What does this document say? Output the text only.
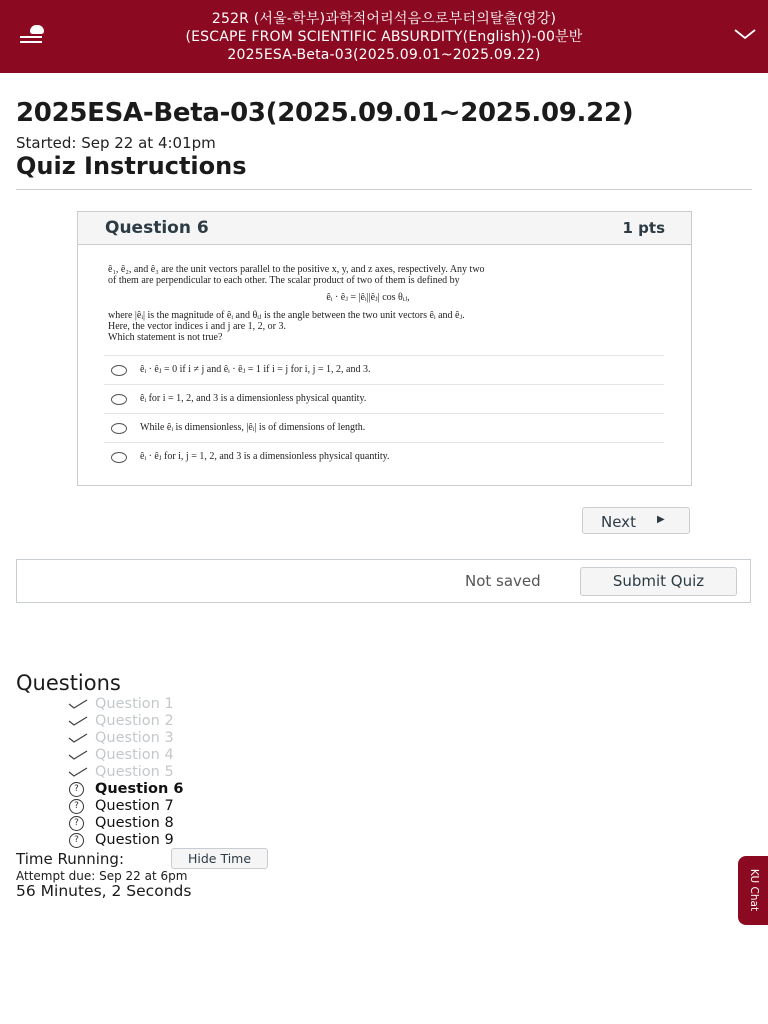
252R (서울-학부)과학적어리석음으로부터의탈출(영강)
(ESCAPE FROM SCIENTIFIC ABSURDITY(English))-00분반
2025ESA-Beta-03(2025.09.01~2025.09.22)
2025ESA-Beta-03(2025.09.01~2025.09.22)
Started: Sep 22 at 4:01pm
Quiz Instructions
Question 6	1 pts

ê₁, ê₂, and ê₃ are the unit vectors parallel to the positive x, y, and z axes, respectively. Any two

of them are perpendicular to each other. The scalar product of two of them is defined by

êᵢ · êⱼ = |êᵢ||êⱼ| cos θᵢⱼ,

where |êᵢ| is the magnitude of êᵢ and θᵢⱼ is the angle between the two unit vectors êᵢ and êⱼ.

Here, the vector indices i and j are 1, 2, or 3.

Which statement is not true?

êᵢ · êⱼ = 0 if i ≠ j and êᵢ · êⱼ = 1 if i = j for i, j = 1, 2, and 3.
êᵢ for i = 1, 2, and 3 is a dimensionless physical quantity.
While êᵢ is dimensionless, |êᵢ| is of dimensions of length.
êᵢ · êⱼ for i, j = 1, 2, and 3 is a dimensionless physical quantity.
Next ▶
Not saved	Submit Quiz
Questions
Question 1
Question 2
Question 3
Question 4
Question 5
?	Question 6
?	Question 7
?	Question 8
?	Question 9
Time Running:	Hide Time
Attempt due: Sep 22 at 6pm
56 Minutes, 2 Seconds	KU Chat
